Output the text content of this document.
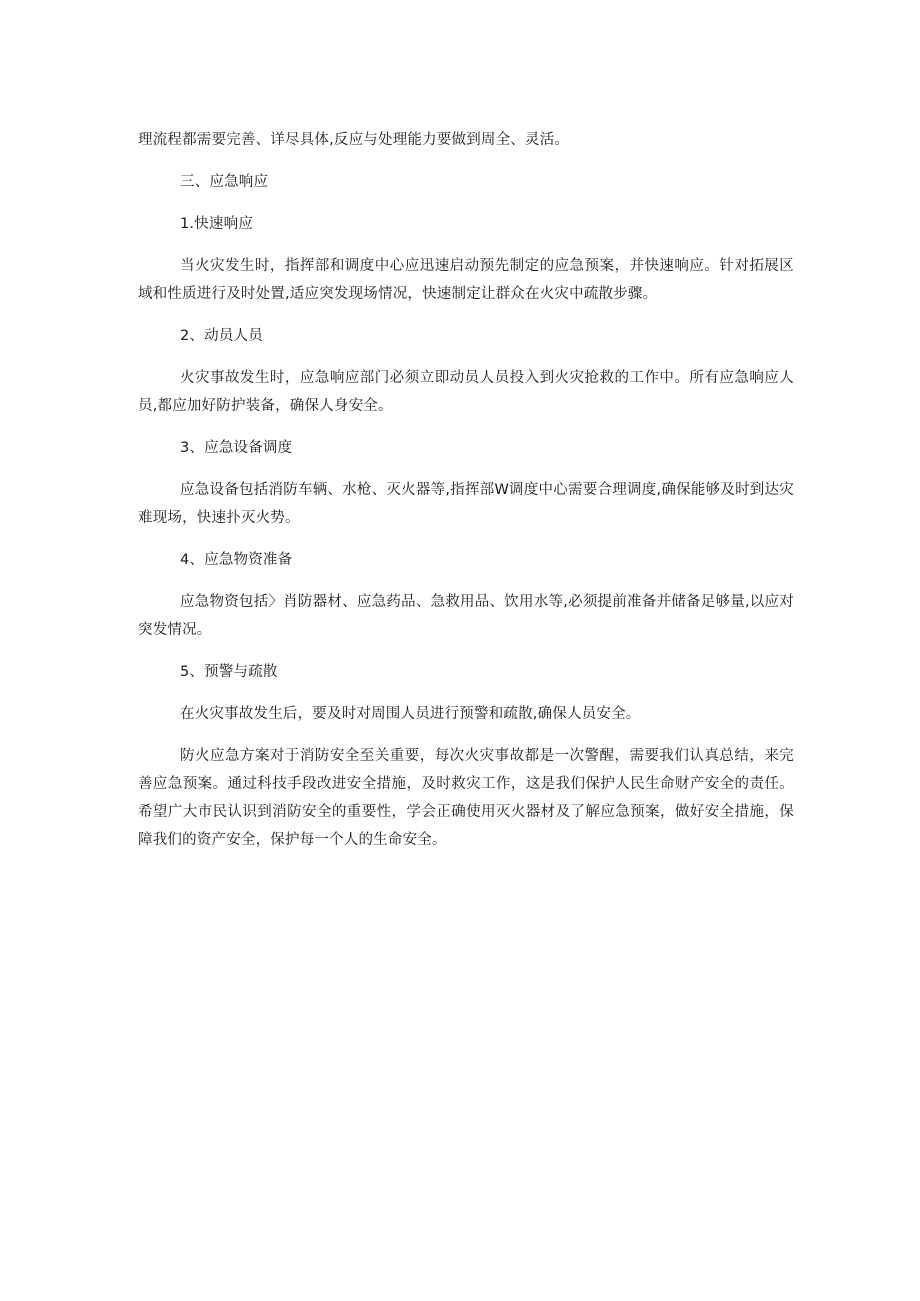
理流程都需要完善、详尽具体,反应与处理能力要做到周全、灵活。

三、应急响应

1.快速响应

当火灾发生时，指挥部和调度中心应迅速启动预先制定的应急预案，并快速响应。针对拓展区域和性质进行及时处置,适应突发现场情况，快速制定让群众在火灾中疏散步骤。

2、动员人员

火灾事故发生时，应急响应部门必须立即动员人员投入到火灾抢救的工作中。所有应急响应人员,都应加好防护装备，确保人身安全。

3、应急设备调度

应急设备包括消防车辆、水枪、灭火器等,指挥部W调度中心需要合理调度,确保能够及时到达灾难现场，快速扑灭火势。

4、应急物资准备

应急物资包括〉肖防器材、应急药品、急救用品、饮用水等,必须提前准备并储备足够量,以应对突发情况。

5、预警与疏散

在火灾事故发生后，要及时对周围人员进行预警和疏散,确保人员安全。

防火应急方案对于消防安全至关重要，每次火灾事故都是一次警醒，需要我们认真总结，来完善应急预案。通过科技手段改进安全措施，及时救灾工作，这是我们保护人民生命财产安全的责任。希望广大市民认识到消防安全的重要性，学会正确使用灭火器材及了解应急预案，做好安全措施，保障我们的资产安全，保护每一个人的生命安全。
